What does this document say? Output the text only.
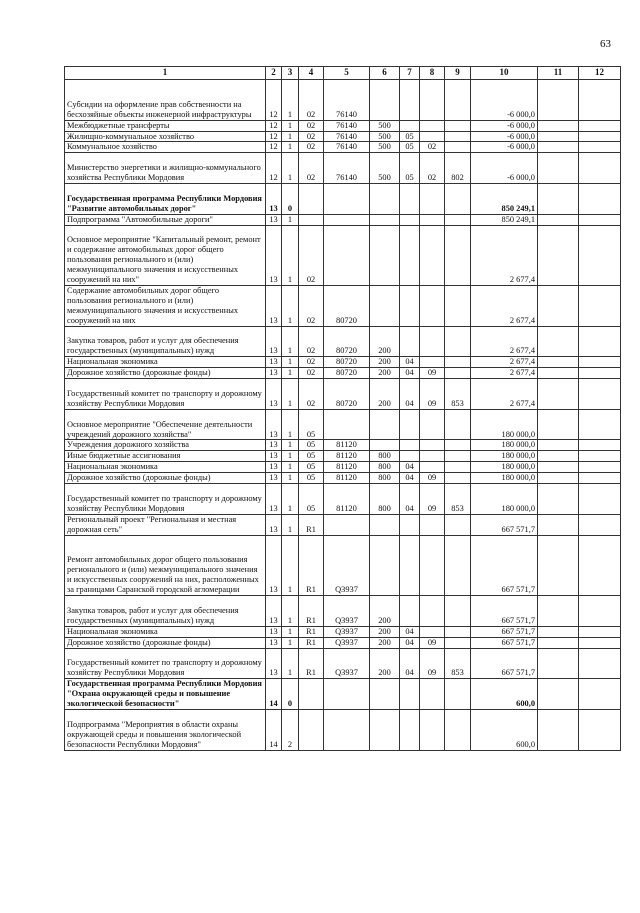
63
1	2	3	4	5	6	7	8	9	10	11	12
Субсидии на оформление прав собственности на бесхозяйные объекты инженерной инфраструктуры	12	1	02	76140					-6 000,0		
Межбюджетные трансферты	12	1	02	76140	500				-6 000,0		
Жилищно-коммунальное хозяйство	12	1	02	76140	500	05			-6 000,0		
Коммунальное хозяйство	12	1	02	76140	500	05	02		-6 000,0		
Министерство энергетики и жилищно-коммунального хозяйства Республики Мордовия	12	1	02	76140	500	05	02	802	-6 000,0		
Государственная программа Республики Мордовия "Развитие автомобильных дорог"	13	0							850 249,1		
Подпрограмма "Автомобильные дороги"	13	1							850 249,1		
Основное мероприятие "Капитальный ремонт, ремонт и содержание автомобильных дорог общего пользования регионального и (или) межмуниципального значения и искусственных сооружений на них"	13	1	02						2 677,4		
Содержание автомобильных дорог общего пользования регионального и (или) межмуниципального значения и искусственных сооружений на них	13	1	02	80720					2 677,4		
Закупка товаров, работ и услуг для обеспечения государственных (муниципальных) нужд	13	1	02	80720	200				2 677,4		
Национальная экономика	13	1	02	80720	200	04			2 677,4		
Дорожное хозяйство (дорожные фонды)	13	1	02	80720	200	04	09		2 677,4		
Государственный комитет по транспорту и дорожному хозяйству Республики Мордовия	13	1	02	80720	200	04	09	853	2 677,4		
Основное мероприятие "Обеспечение деятельности учреждений дорожного хозяйства"	13	1	05						180 000,0		
Учреждения дорожного хозяйства	13	1	05	81120					180 000,0		
Иные бюджетные ассигнования	13	1	05	81120	800				180 000,0		
Национальная экономика	13	1	05	81120	800	04			180 000,0		
Дорожное хозяйство (дорожные фонды)	13	1	05	81120	800	04	09		180 000,0		
Государственный комитет по транспорту и дорожному хозяйству Республики Мордовия	13	1	05	81120	800	04	09	853	180 000,0		
Региональный проект "Региональная и местная дорожная сеть"	13	1	R1						667 571,7		
Ремонт автомобильных дорог общего пользования регионального и (или) межмуниципального значения и искусственных сооружений на них, расположенных за границами Саранской городской агломерации	13	1	R1	Q3937					667 571,7		
Закупка товаров, работ и услуг для обеспечения государственных (муниципальных) нужд	13	1	R1	Q3937	200				667 571,7		
Национальная экономика	13	1	R1	Q3937	200	04			667 571,7		
Дорожное хозяйство (дорожные фонды)	13	1	R1	Q3937	200	04	09		667 571,7		
Государственный комитет по транспорту и дорожному хозяйству Республики Мордовия	13	1	R1	Q3937	200	04	09	853	667 571,7		
Государственная программа Республики Мордовия "Охрана окружающей среды и повышение экологической безопасности"	14	0							600,0		
Подпрограмма "Мероприятия в области охраны окружающей среды и повышения экологической безопасности Республики Мордовия"	14	2							600,0		
